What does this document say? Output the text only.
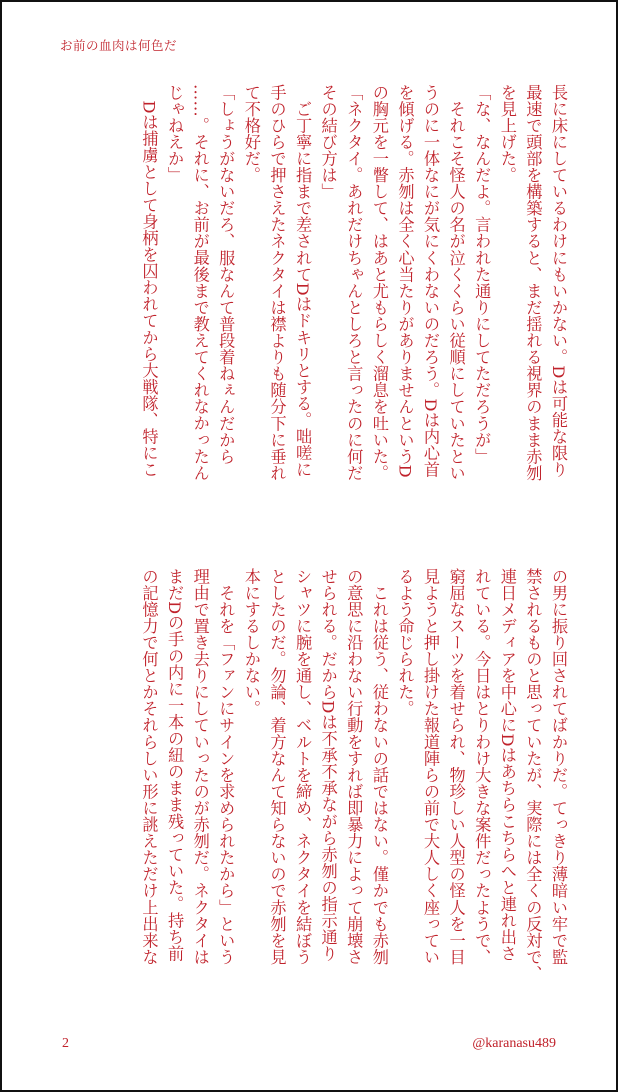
お前の血肉は何色だ
長に床にしているわけにもいかない。Dは可能な限り
最速で頭部を構築すると、まだ揺れる視界のまま赤刎
を見上げた。
「な、なんだよ。言われた通りにしてただろうが」
　それこそ怪人の名が泣くくらい従順にしていたとい
うのに一体なにが気にくわないのだろう。Dは内心首
を傾げる。赤刎は全く心当たりがありませんというD
の胸元を一瞥して、はあと尤もらしく溜息を吐いた。
「ネクタイ。あれだけちゃんとしろと言ったのに何だ
その結び方は」
　ご丁寧に指まで差されてDはドキリとする。咄嗟に
手のひらで押さえたネクタイは襟よりも随分下に垂れ
て不格好だ。
「しょうがないだろ、服なんて普段着ねぇんだから
……。それに、お前が最後まで教えてくれなかったん
じゃねえか」
　Dは捕虜として身柄を囚われてから大戦隊、特にこ
の男に振り回されてばかりだ。てっきり薄暗い牢で監
禁されるものと思っていたが、実際には全くの反対で、
連日メディアを中心にDはあちらこちらへと連れ出さ
れている。今日はとりわけ大きな案件だったようで、
窮屈なスーツを着せられ、物珍しい人型の怪人を一目
見ようと押し掛けた報道陣らの前で大人しく座ってい
るよう命じられた。
　これは従う、従わないの話ではない。僅かでも赤刎
の意思に沿わない行動をすれば即暴力によって崩壊さ
せられる。だからDは不承不承ながら赤刎の指示通り
シャツに腕を通し、ベルトを締め、ネクタイを結ぼう
としたのだ。勿論、着方なんて知らないので赤刎を見
本にするしかない。
　それを「ファンにサインを求められたから」という
理由で置き去りにしていったのが赤刎だ。ネクタイは
まだDの手の内に一本の紐のまま残っていた。持ち前
の記憶力で何とかそれらしい形に誂えただけ上出来な
2	@karanasu489
